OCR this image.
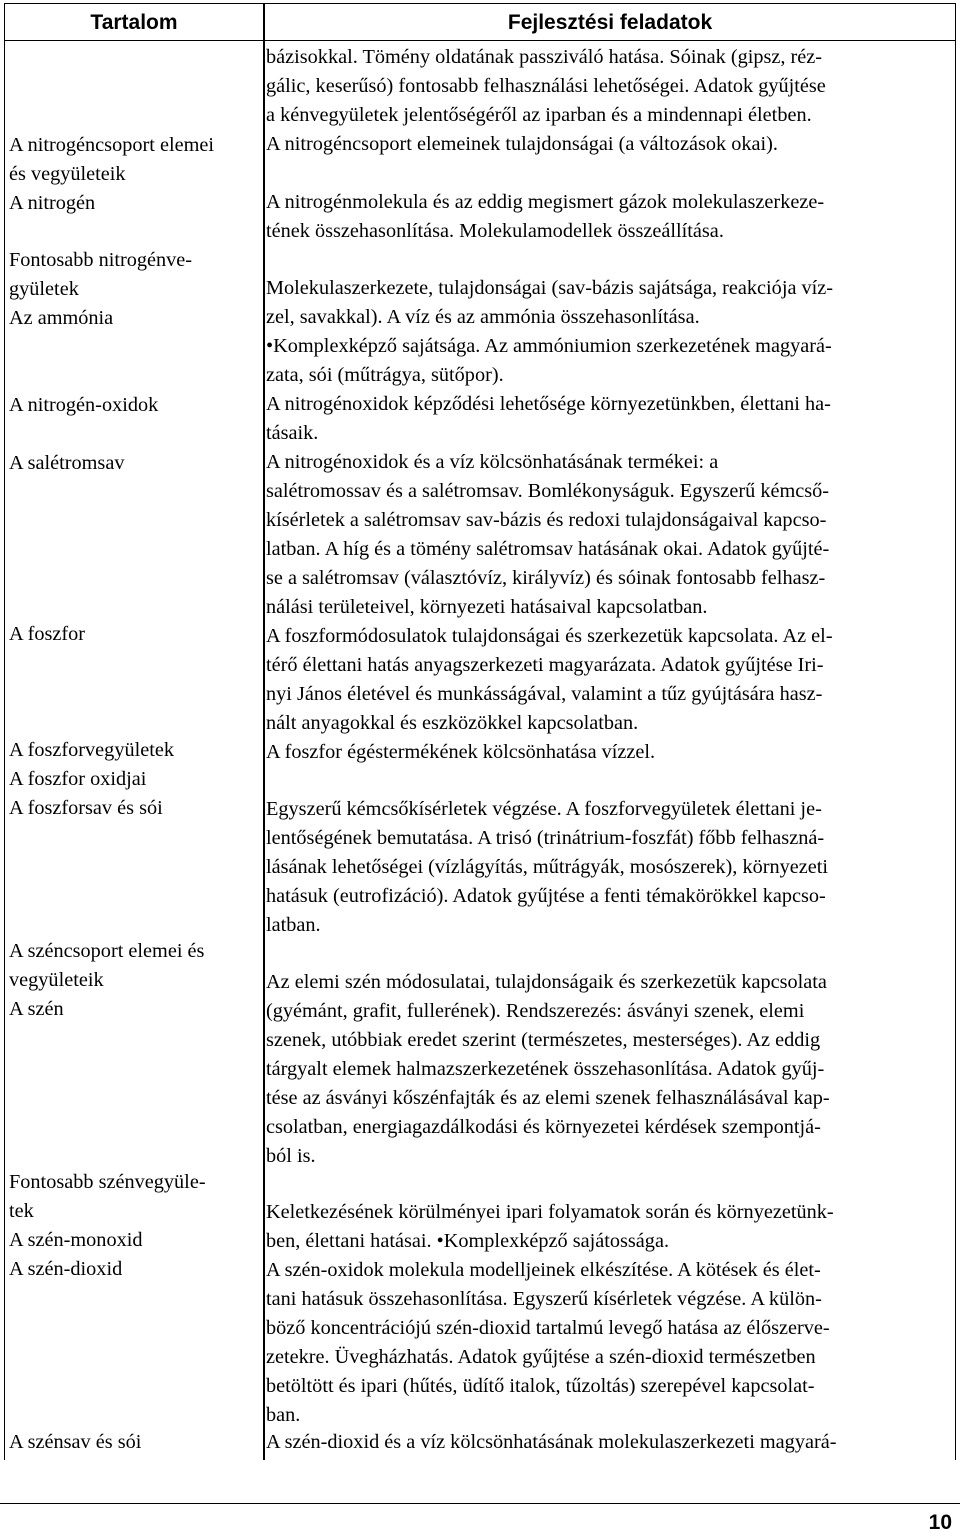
Tartalom	Fejlesztési feladatok
A nitrogéncsoport elemei
és vegyületeik
A nitrogén
Fontosabb nitrogénve-
gyületek
Az ammónia
A nitrogén-oxidok
A salétromsav
A foszfor
A foszforvegyületek
A foszfor oxidjai
A foszforsav és sói
A széncsoport elemei és
vegyületeik
A szén
Fontosabb szénvegyüle-
tek
A szén-monoxid
A szén-dioxid
A szénsav és sói
bázisokkal. Tömény oldatának passziváló hatása. Sóinak (gipsz, réz-
gálic, keserűsó) fontosabb felhasználási lehetőségei. Adatok gyűjtése
a kénvegyületek jelentőségéről az iparban és a mindennapi életben.
A nitrogéncsoport elemeinek tulajdonságai (a változások okai).
A nitrogénmolekula és az eddig megismert gázok molekulaszerkeze-
tének összehasonlítása. Molekulamodellek összeállítása.
Molekulaszerkezete, tulajdonságai (sav-bázis sajátsága, reakciója víz-
zel, savakkal). A víz és az ammónia összehasonlítása.
•Komplexképző sajátsága. Az ammóniumion szerkezetének magyará-
zata, sói (műtrágya, sütőpor).
A nitrogénoxidok képződési lehetősége környezetünkben, élettani ha-
tásaik.
A nitrogénoxidok és a víz kölcsönhatásának termékei: a
salétromossav és a salétromsav. Bomlékonyságuk. Egyszerű kémcső-
kísérletek a salétromsav sav-bázis és redoxi tulajdonságaival kapcso-
latban. A híg és a tömény salétromsav hatásának okai. Adatok gyűjté-
se a salétromsav (választóvíz, királyvíz) és sóinak fontosabb felhasz-
nálási területeivel, környezeti hatásaival kapcsolatban.
A foszformódosulatok tulajdonságai és szerkezetük kapcsolata. Az el-
térő élettani hatás anyagszerkezeti magyarázata. Adatok gyűjtése Iri-
nyi János életével és munkásságával, valamint a tűz gyújtására hasz-
nált anyagokkal és eszközökkel kapcsolatban.
A foszfor égéstermékének kölcsönhatása vízzel.
Egyszerű kémcsőkísérletek végzése. A foszforvegyületek élettani je-
lentőségének bemutatása. A trisó (trinátrium-foszfát) főbb felhaszná-
lásának lehetőségei (vízlágyítás, műtrágyák, mosószerek), környezeti
hatásuk (eutrofizáció). Adatok gyűjtése a fenti témakörökkel kapcso-
latban.
Az elemi szén módosulatai, tulajdonságaik és szerkezetük kapcsolata
(gyémánt, grafit, fullerének). Rendszerezés: ásványi szenek, elemi
szenek, utóbbiak eredet szerint (természetes, mesterséges). Az eddig
tárgyalt elemek halmazszerkezetének összehasonlítása. Adatok gyűj-
tése az ásványi kőszénfajták és az elemi szenek felhasználásával kap-
csolatban, energiagazdálkodási és környezetei kérdések szempontjá-
ból is.
Keletkezésének körülményei ipari folyamatok során és környezetünk-
ben, élettani hatásai. •Komplexképző sajátossága.
A szén-oxidok molekula modelljeinek elkészítése. A kötések és élet-
tani hatásuk összehasonlítása. Egyszerű kísérletek végzése. A külön-
böző koncentrációjú szén-dioxid tartalmú levegő hatása az élőszerve-
zetekre. Üvegházhatás. Adatok gyűjtése a szén-dioxid természetben
betöltött és ipari (hűtés, üdítő italok, tűzoltás) szerepével kapcsolat-
ban.
A szén-dioxid és a víz kölcsönhatásának molekulaszerkezeti magyará-
10
